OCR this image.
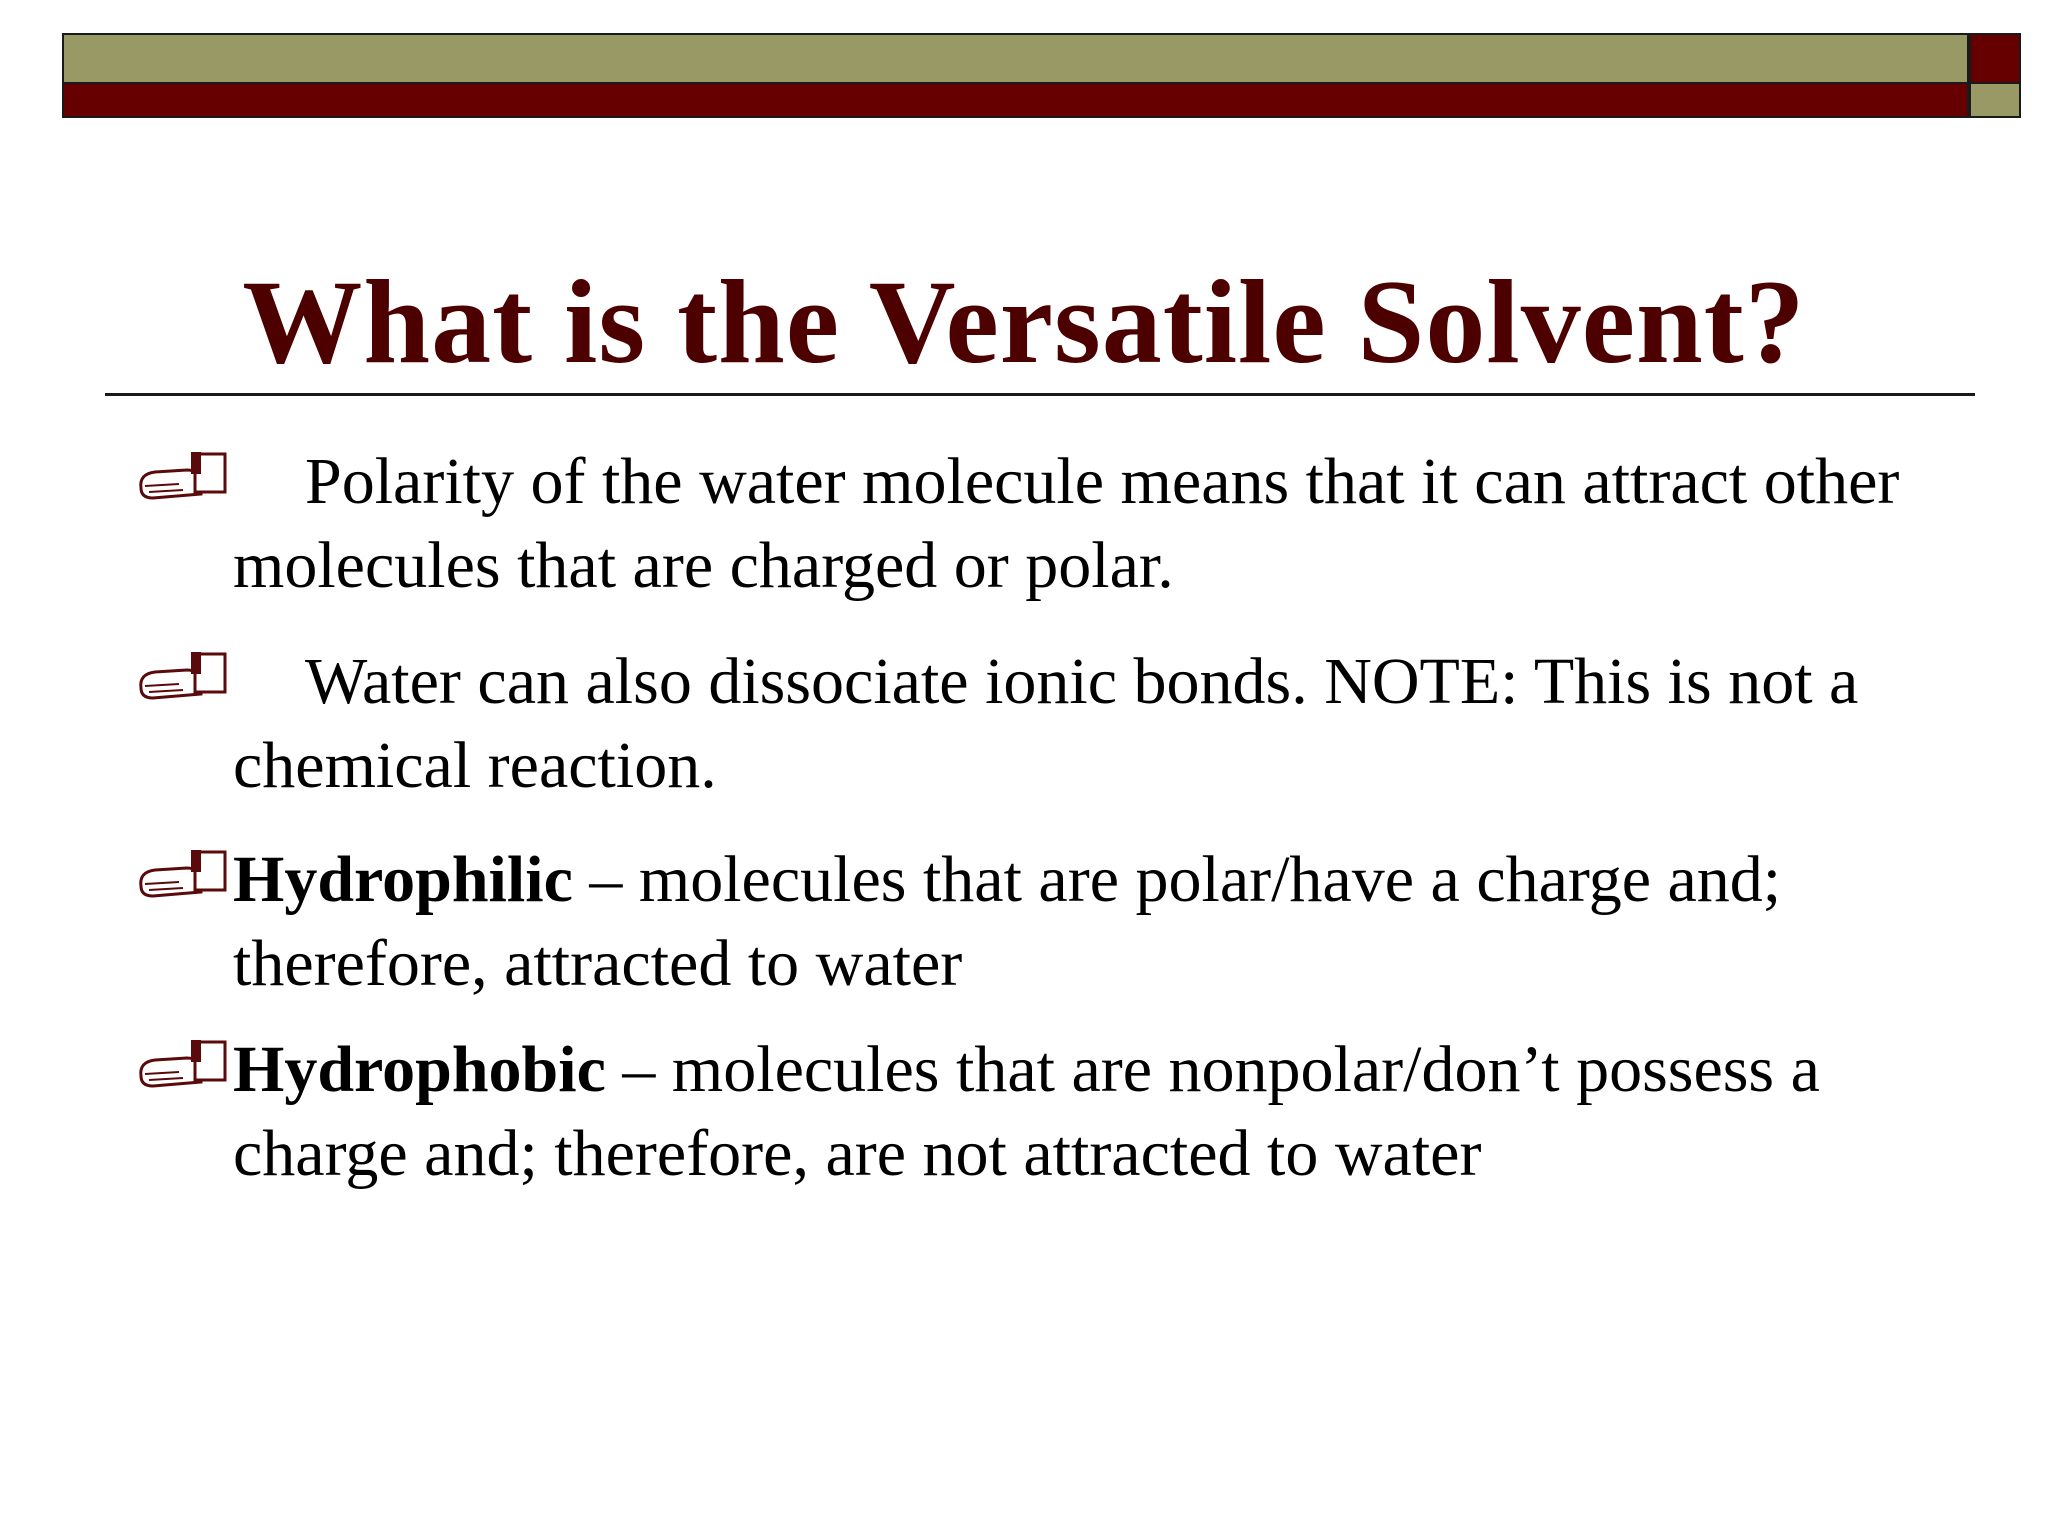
What is the Versatile Solvent?
Polarity of the water molecule means that it can attract other molecules that are charged or polar.
Water can also dissociate ionic bonds. NOTE: This is not a chemical reaction.
Hydrophilic – molecules that are polar/have a charge and; therefore, attracted to water
Hydrophobic – molecules that are nonpolar/don’t possess a charge and; therefore, are not attracted to water
